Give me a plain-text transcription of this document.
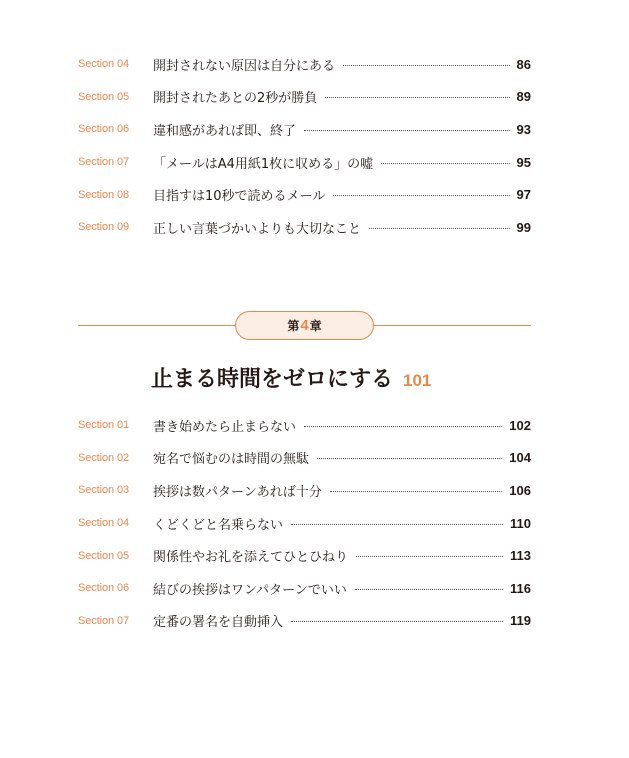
Section 04	開封されない原因は自分にある	86
Section 05	開封されたあとの2秒が勝負	89
Section 06	違和感があれば即、終了	93
Section 07	「メールはA4用紙1枚に収める」の嘘	95
Section 08	目指すは10秒で読めるメール	97
Section 09	正しい言葉づかいよりも大切なこと	99
第 4 章
止まる時間をゼロにする 101
Section 01	書き始めたら止まらない	102
Section 02	宛名で悩むのは時間の無駄	104
Section 03	挨拶は数パターンあれば十分	106
Section 04	くどくどと名乗らない	110
Section 05	関係性やお礼を添えてひとひねり	113
Section 06	結びの挨拶はワンパターンでいい	116
Section 07	定番の署名を自動挿入	119
